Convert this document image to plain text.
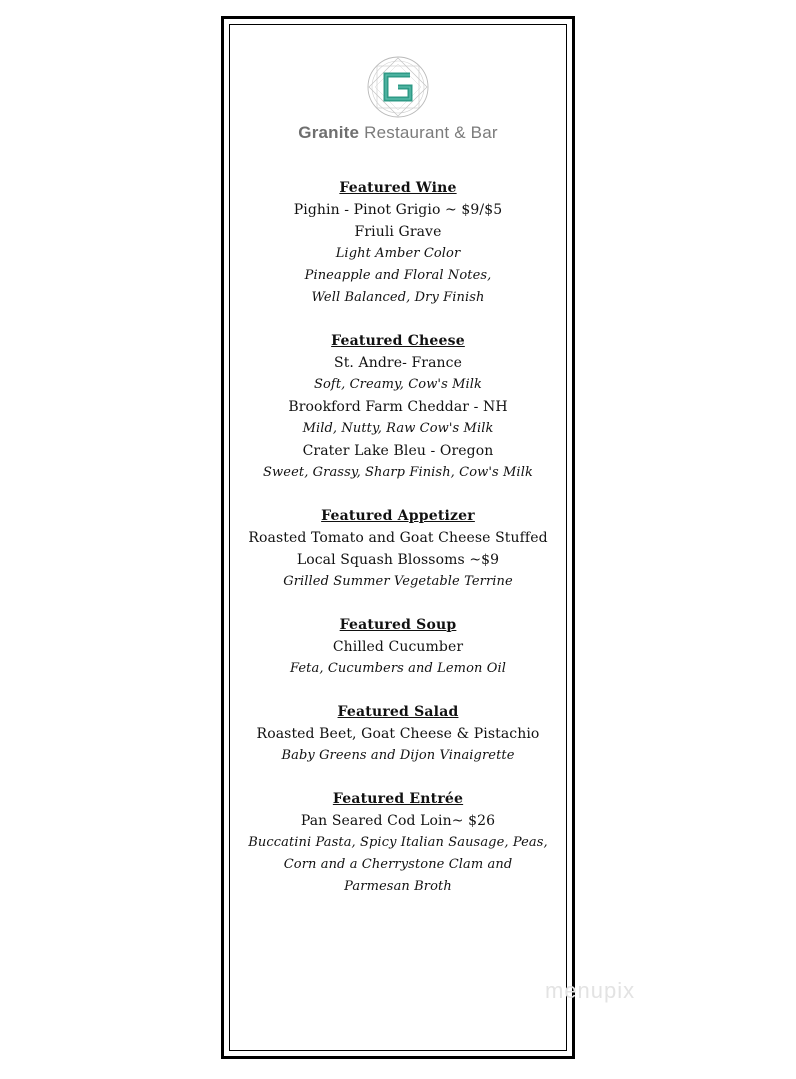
Granite Restaurant & Bar
Featured Wine
Pighin - Pinot Grigio ~ $9/$5
Friuli Grave
Light Amber Color
Pineapple and Floral Notes,
Well Balanced, Dry Finish
Featured Cheese
St. Andre- France
Soft, Creamy, Cow's Milk
Brookford Farm Cheddar - NH
Mild, Nutty, Raw Cow's Milk
Crater Lake Bleu - Oregon
Sweet, Grassy, Sharp Finish, Cow's Milk
Featured Appetizer
Roasted Tomato and Goat Cheese Stuffed
Local Squash Blossoms ~$9
Grilled Summer Vegetable Terrine
Featured Soup
Chilled Cucumber
Feta, Cucumbers and Lemon Oil
Featured Salad
Roasted Beet, Goat Cheese & Pistachio
Baby Greens and Dijon Vinaigrette
Featured Entrée
Pan Seared Cod Loin~ $26
Buccatini Pasta, Spicy Italian Sausage, Peas,
Corn and a Cherrystone Clam and
Parmesan Broth
menupix
